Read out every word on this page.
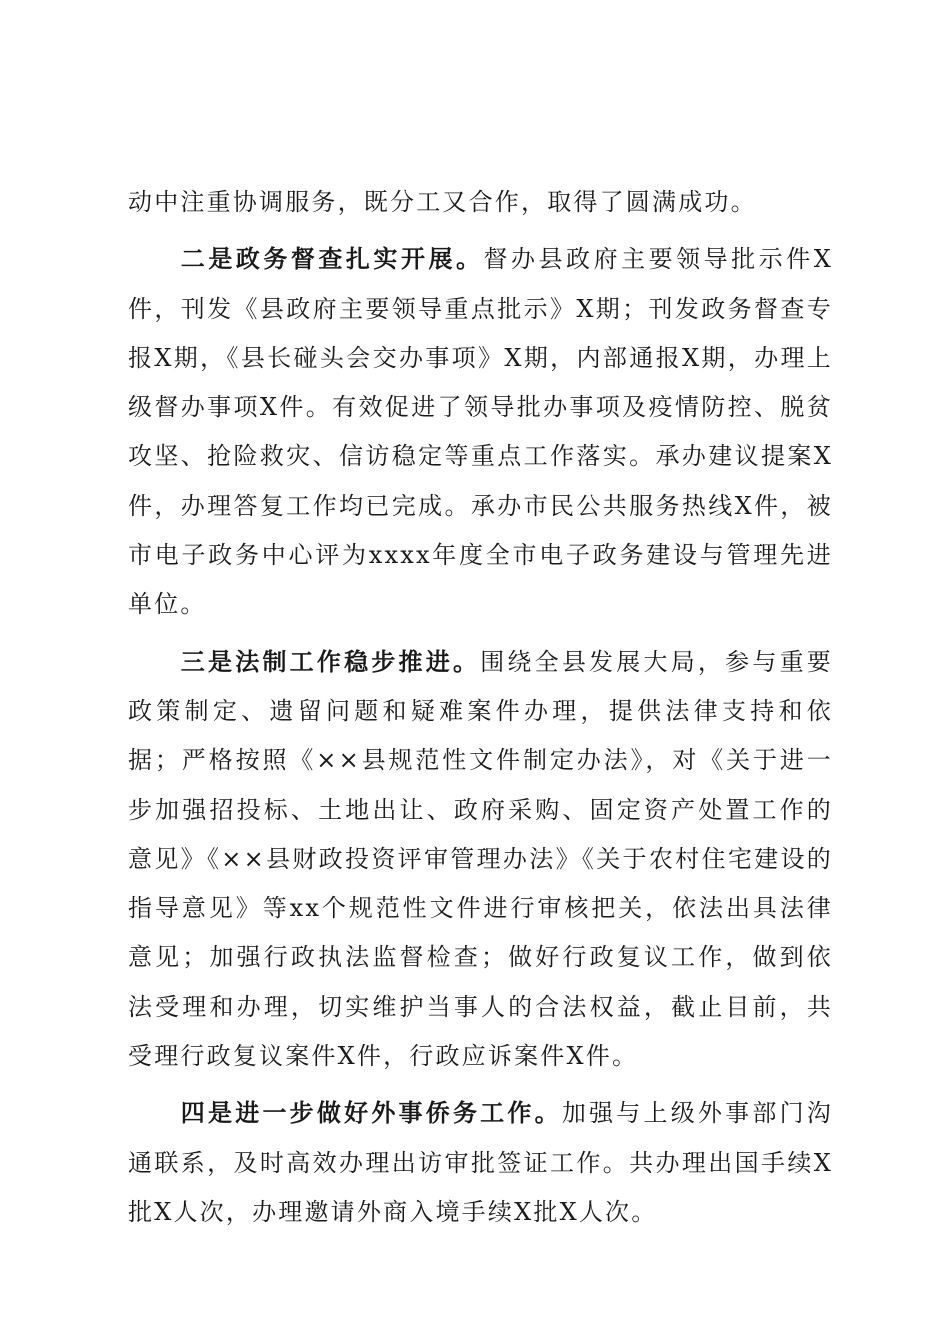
动中注重协调服务，既分工又合作，取得了圆满成功。

二是政务督查扎实开展。督办县政府主要领导批示件X件，刊发《县政府主要领导重点批示》X期；刊发政务督查专报X期，《县长碰头会交办事项》X期，内部通报X期，办理上级督办事项X件。有效促进了领导批办事项及疫情防控、脱贫攻坚、抢险救灾、信访稳定等重点工作落实。承办建议提案X件，办理答复工作均已完成。承办市民公共服务热线X件，被市电子政务中心评为xxxx年度全市电子政务建设与管理先进单位。

三是法制工作稳步推进。围绕全县发展大局，参与重要政策制定、遗留问题和疑难案件办理，提供法律支持和依据；严格按照《××县规范性文件制定办法》，对《关于进一步加强招投标、土地出让、政府采购、固定资产处置工作的意见》《××县财政投资评审管理办法》《关于农村住宅建设的指导意见》等xx个规范性文件进行审核把关，依法出具法律意见；加强行政执法监督检查；做好行政复议工作，做到依法受理和办理，切实维护当事人的合法权益，截止目前，共受理行政复议案件X件，行政应诉案件X件。

四是进一步做好外事侨务工作。加强与上级外事部门沟通联系，及时高效办理出访审批签证工作。共办理出国手续X批X人次，办理邀请外商入境手续X批X人次。
